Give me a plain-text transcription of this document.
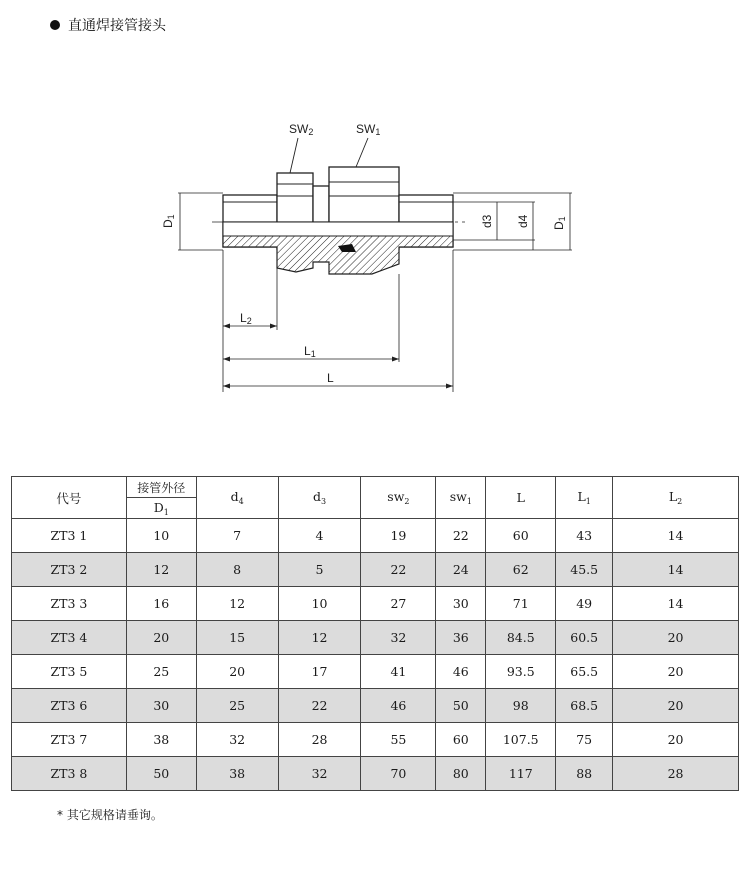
直通焊接管接头
SW2	SW1
D1	d3 d4 D1
L2
L1
L
代号	接管外径	$d_4$	$d_3$	$sw_2$	$sw_1$	L	$L_1$	$L_2$
	$D_1$
ZT3 1	10	7	4	19	22	60	43	14
ZT3 2	12	8	5	22	24	62	45.5	14
ZT3 3	16	12	10	27	30	71	49	14
ZT3 4	20	15	12	32	36	84.5	60.5	20
ZT3 5	25	20	17	41	46	93.5	65.5	20
ZT3 6	30	25	22	46	50	98	68.5	20
ZT3 7	38	32	28	55	60	107.5	75	20
ZT3 8	50	38	32	70	80	117	88	28
* 其它规格请垂询。
